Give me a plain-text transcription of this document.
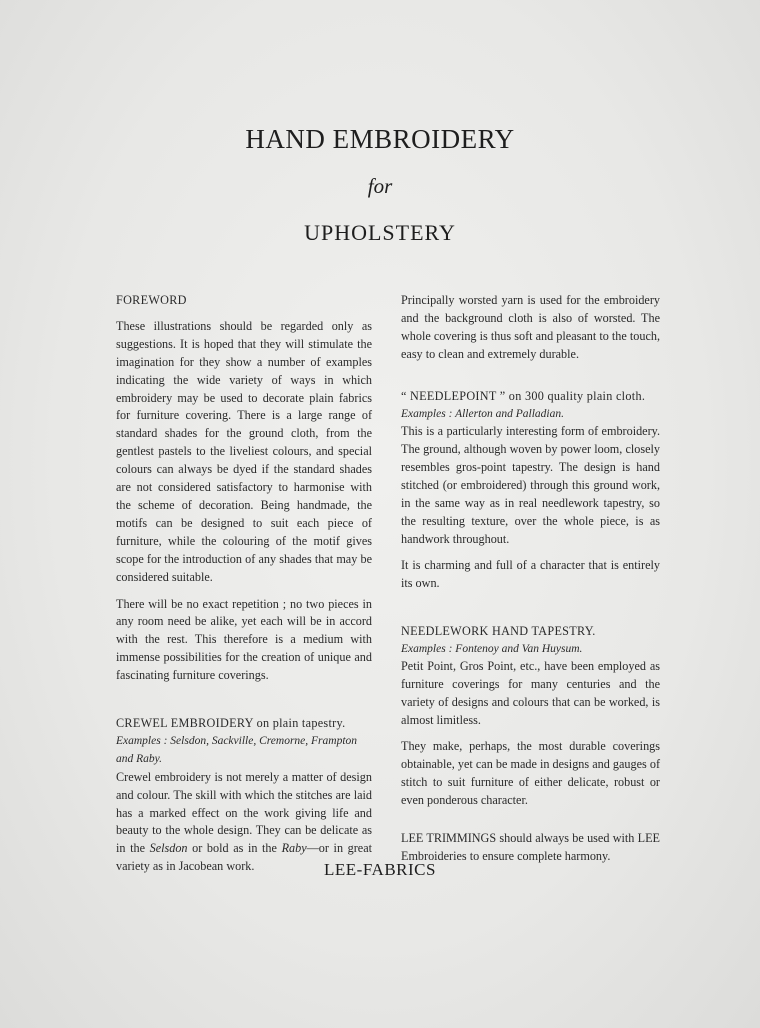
HAND EMBROIDERY
for
UPHOLSTERY
FOREWORD

These illustrations should be regarded only as suggestions. It is hoped that they will stimulate the imagination for they show a number of examples indicating the wide variety of ways in which embroidery may be used to decorate plain fabrics for furniture covering. There is a large range of standard shades for the ground cloth, from the gentlest pastels to the liveliest colours, and special colours can always be dyed if the standard shades are not considered satisfactory to harmonise with the scheme of decoration. Being handmade, the motifs can be designed to suit each piece of furniture, while the colouring of the motif gives scope for the introduction of any shades that may be considered suitable.

There will be no exact repetition ; no two pieces in any room need be alike, yet each will be in accord with the rest. This therefore is a medium with immense possibilities for the creation of unique and fascinating furniture coverings.

CREWEL EMBROIDERY on plain tapestry.
Examples : Selsdon, Sackville, Cremorne, Frampton and Raby.

Crewel embroidery is not merely a matter of design and colour. The skill with which the stitches are laid has a marked effect on the work giving life and beauty to the whole design. They can be delicate as in the Selsdon or bold as in the Raby—or in great variety as in Jacobean work.

Principally worsted yarn is used for the embroidery and the background cloth is also of worsted. The whole covering is thus soft and pleasant to the touch, easy to clean and extremely durable.

“ NEEDLEPOINT ” on 300 quality plain cloth.
Examples : Allerton and Palladian.

This is a particularly interesting form of embroidery. The ground, although woven by power loom, closely resembles gros-point tapestry. The design is hand stitched (or embroidered) through this ground work, in the same way as in real needlework tapestry, so the resulting texture, over the whole piece, is as handwork throughout.

It is charming and full of a character that is entirely its own.

NEEDLEWORK HAND TAPESTRY.
Examples : Fontenoy and Van Huysum.

Petit Point, Gros Point, etc., have been employed as furniture coverings for many centuries and the variety of designs and colours that can be worked, is almost limitless.

They make, perhaps, the most durable coverings obtainable, yet can be made in designs and gauges of stitch to suit furniture of either delicate, robust or even ponderous character.

LEE TRIMMINGS should always be used with LEE Embroideries to ensure complete harmony.

LEE-FABRICS
